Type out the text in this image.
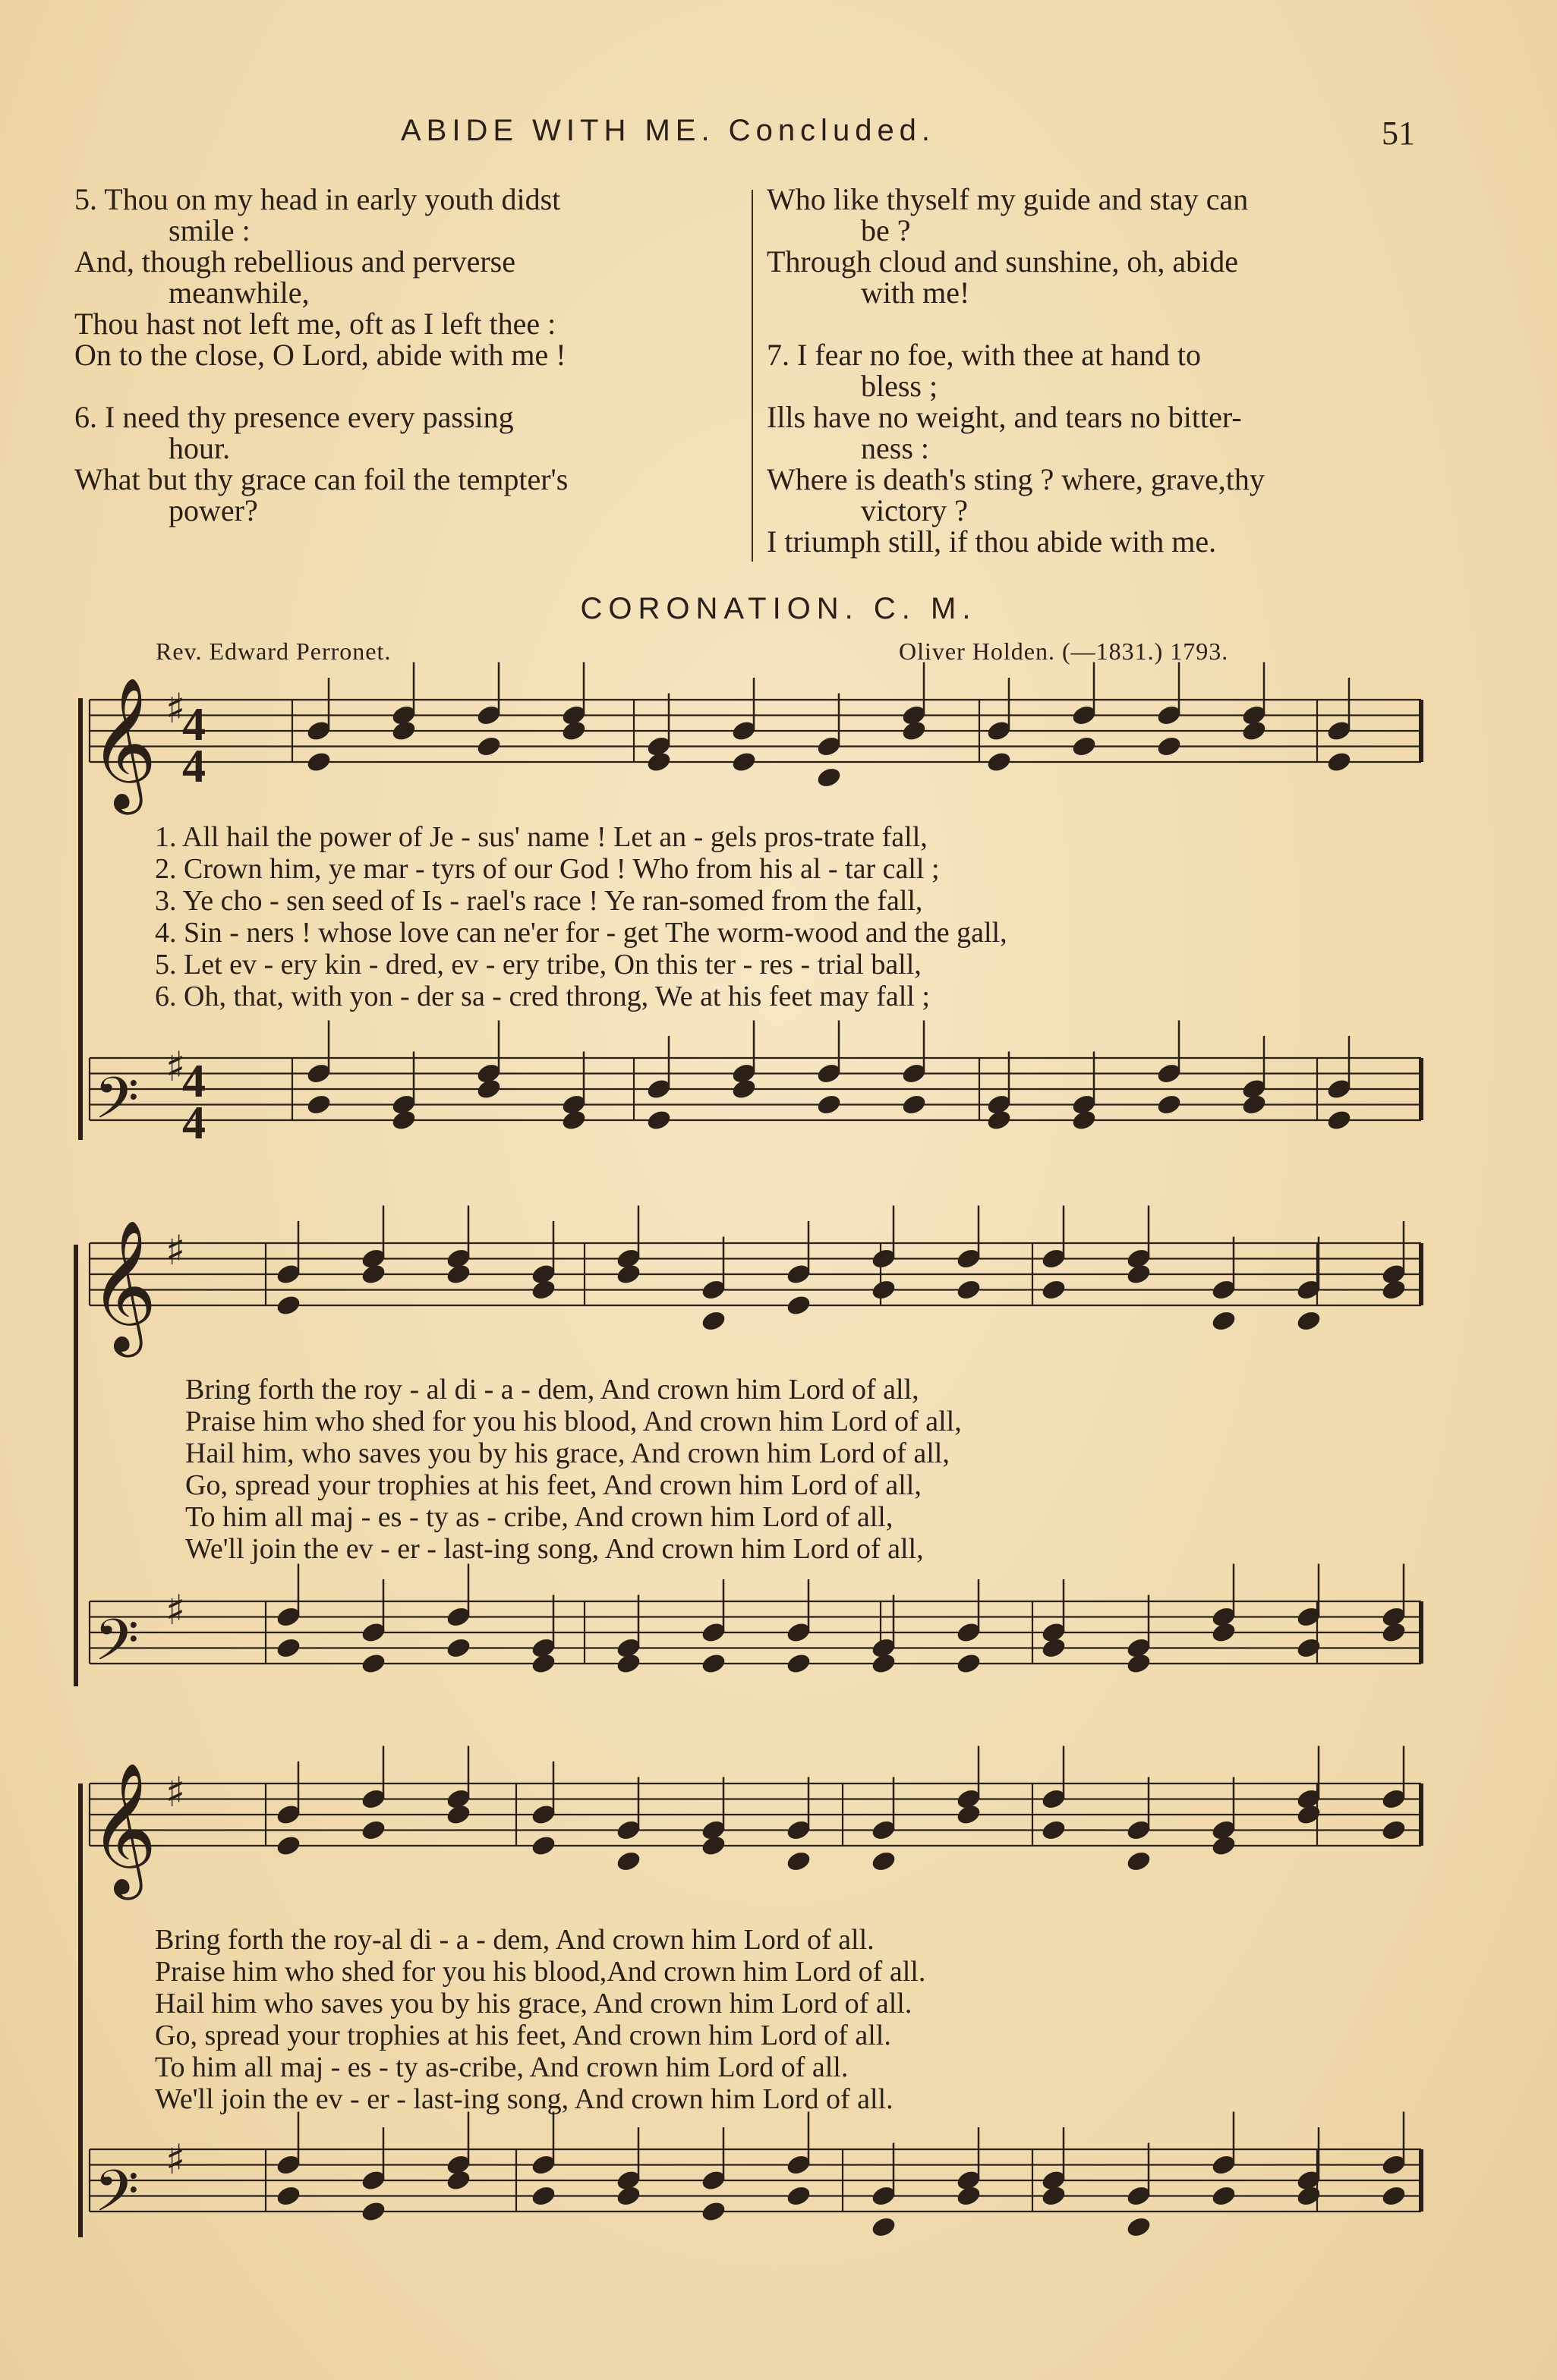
ABIDE WITH ME. Concluded.	51
5. Thou on my head in early youth didst
smile :
And, though rebellious and perverse
meanwhile,
Thou hast not left me, oft as I left thee :
On to the close, O Lord, abide with me !
6. I need thy presence every passing
hour.
What but thy grace can foil the tempter's
power?
Who like thyself my guide and stay can
be ?
Through cloud and sunshine, oh, abide
with me!
7. I fear no foe, with thee at hand to
bless ;
Ills have no weight, and tears no bitter-
ness :
Where is death's sting ? where, grave,thy
victory ?
I triumph still, if thou abide with me.
CORONATION. C. M.
Rev. Edward Perronet.	Oliver Holden. (—1831.) 1793.
𝄞
𝄞
𝄞
𝄢
𝄢
𝄢
♯
♯
♯
♯
♯
♯
4
4
4
4
1. All hail the power of Je - sus' name ! Let an - gels pros-trate fall,
2. Crown him, ye mar - tyrs of our God ! Who from his al - tar call ;
3. Ye cho - sen seed of Is - rael's race ! Ye ran-somed from the fall,
4. Sin - ners ! whose love can ne'er for - get The worm-wood and the gall,
5. Let ev - ery kin - dred, ev - ery tribe, On this ter - res - trial ball,
6. Oh, that, with yon - der sa - cred throng, We at his feet may fall ;
Bring forth the roy - al di - a - dem, And crown him Lord of all,
Praise him who shed for you his blood, And crown him Lord of all,
Hail him, who saves you by his grace, And crown him Lord of all,
Go, spread your trophies at his feet, And crown him Lord of all,
To him all maj - es - ty as - cribe, And crown him Lord of all,
We'll join the ev - er - last-ing song, And crown him Lord of all,
Bring forth the roy-al di - a - dem, And crown him Lord of all.
Praise him who shed for you his blood,And crown him Lord of all.
Hail him who saves you by his grace, And crown him Lord of all.
Go, spread your trophies at his feet, And crown him Lord of all.
To him all maj - es - ty as-cribe, And crown him Lord of all.
We'll join the ev - er - last-ing song, And crown him Lord of all.
